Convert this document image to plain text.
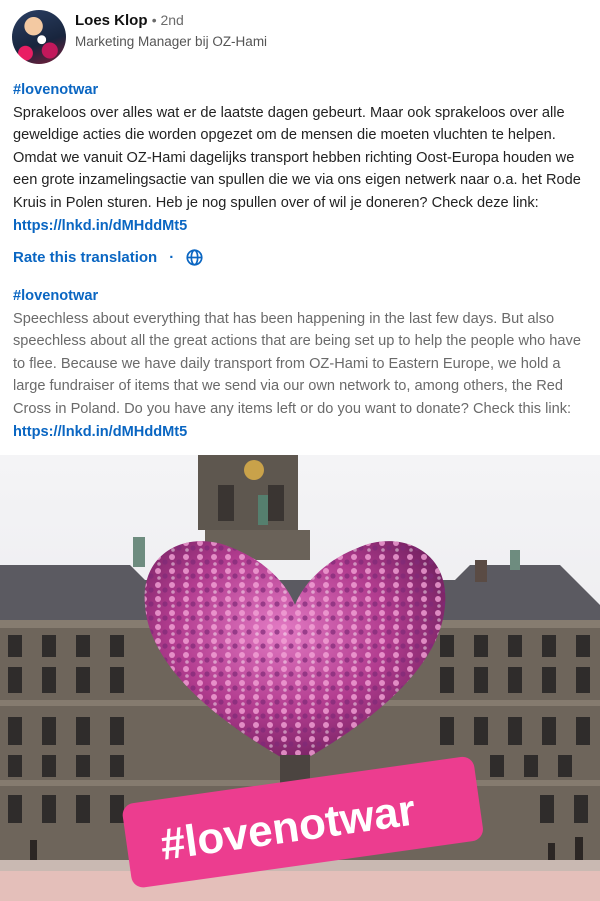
Loes Klop • 2nd
Marketing Manager bij OZ-Hami
#lovenotwar
Sprakeloos over alles wat er de laatste dagen gebeurt. Maar ook sprakeloos over alle geweldige acties die worden opgezet om de mensen die moeten vluchten te helpen. Omdat we vanuit OZ-Hami dagelijks transport hebben richting Oost-Europa houden we een grote inzamelingsactie van spullen die we via ons eigen netwerk naar o.a. het Rode Kruis in Polen sturen. Heb je nog spullen over of wil je doneren? Check deze link: https://lnkd.in/dMHddMt5
Rate this translation ·
#lovenotwar
Speechless about everything that has been happening in the last few days. But also speechless about all the great actions that are being set up to help the people who have to flee. Because we have daily transport from OZ-Hami to Eastern Europe, we hold a large fundraiser of items that we send via our own network to, among others, the Red Cross in Poland. Do you have any items left or do you want to donate? Check this link: https://lnkd.in/dMHddMt5
#lovenotwar
